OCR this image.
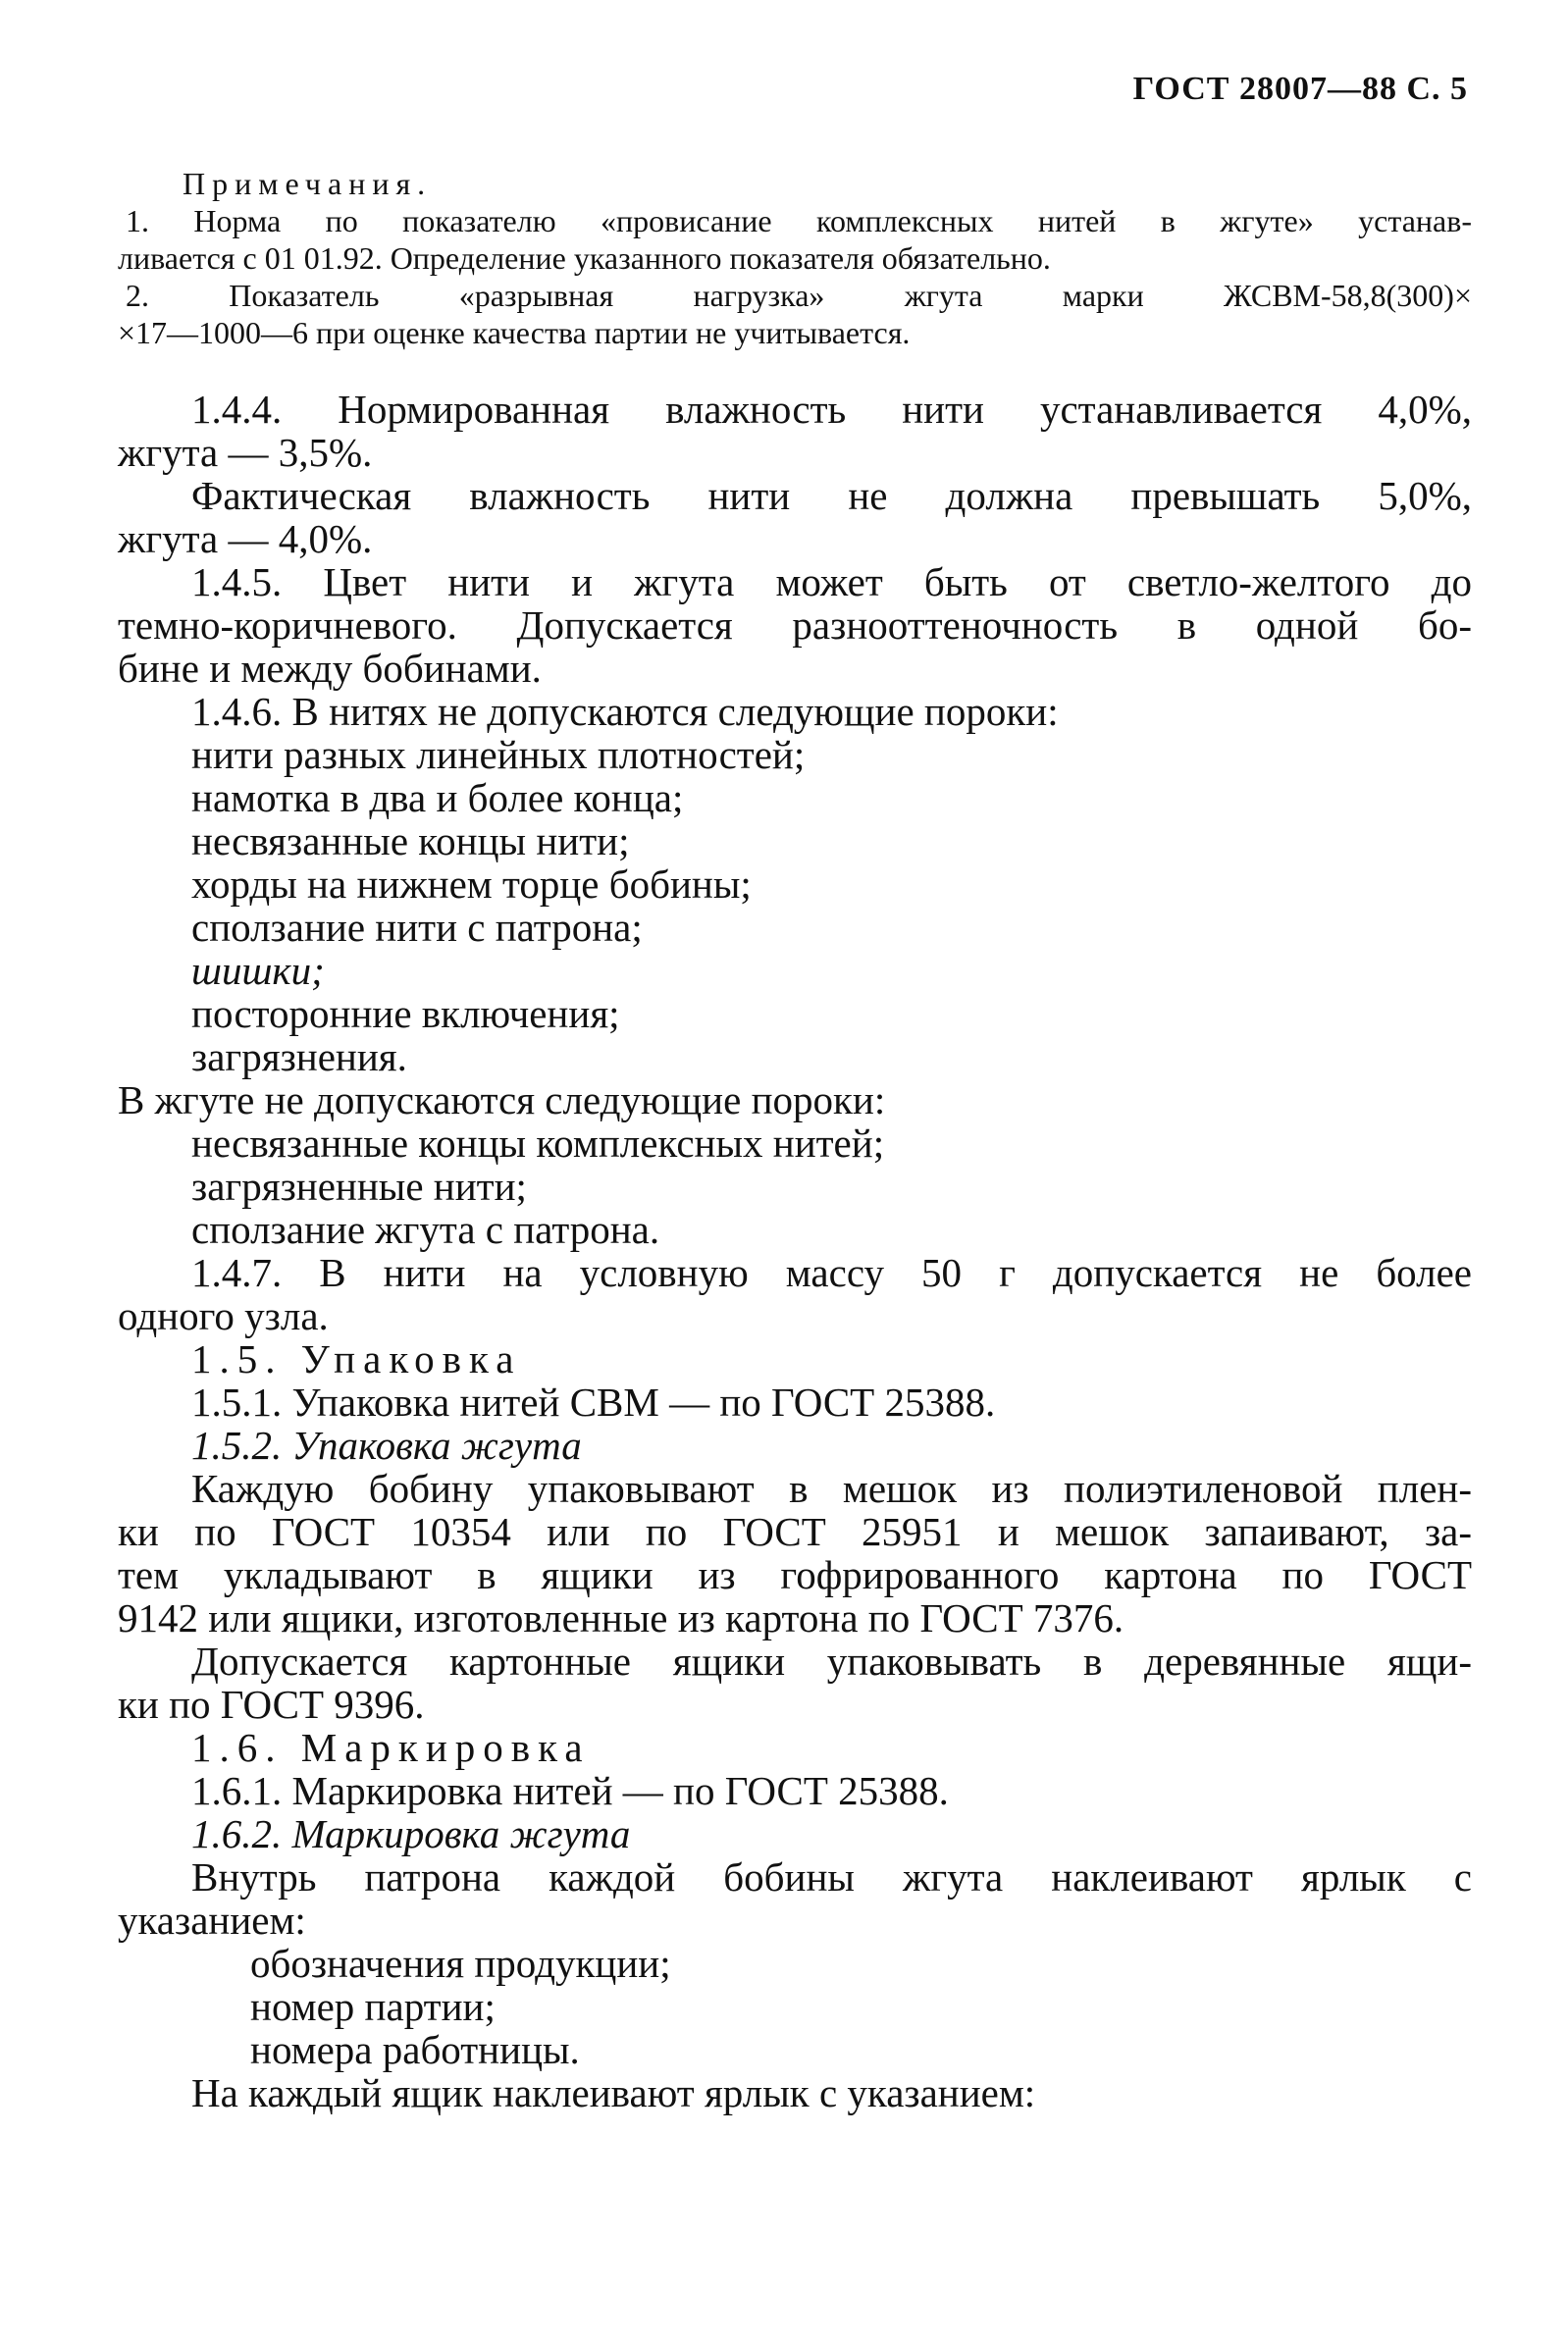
ГОСТ 28007—88 С. 5
Примечания.
1. Норма по показателю «провисание комплексных нитей в жгуте» устанав-
ливается с 01 01.92. Определение указанного показателя обязательно.
2. Показатель «разрывная нагрузка» жгута марки ЖСВМ-58,8(300)×
×17—1000—6 при оценке качества партии не учитывается.
1.4.4. Нормированная влажность нити устанавливается 4,0%,
жгута — 3,5%.
Фактическая влажность нити не должна превышать 5,0%,
жгута — 4,0%.
1.4.5. Цвет нити и жгута может быть от светло-желтого до
темно-коричневого. Допускается разнооттеночность в одной бо-
бине и между бобинами.
1.4.6. В нитях не допускаются следующие пороки:
нити разных линейных плотностей;
намотка в два и более конца;
несвязанные концы нити;
хорды на нижнем торце бобины;
сползание нити с патрона;
шишки;
посторонние включения;
загрязнения.
В жгуте не допускаются следующие пороки:
несвязанные концы комплексных нитей;
загрязненные нити;
сползание жгута с патрона.
1.4.7. В нити на условную массу 50 г допускается не более
одного узла.
1.5. Упаковка
1.5.1. Упаковка нитей СВМ — по ГОСТ 25388.
1.5.2. Упаковка жгута
Каждую бобину упаковывают в мешок из полиэтиленовой плен-
ки по ГОСТ 10354 или по ГОСТ 25951 и мешок запаивают, за-
тем укладывают в ящики из гофрированного картона по ГОСТ
9142 или ящики, изготовленные из картона по ГОСТ 7376.
Допускается картонные ящики упаковывать в деревянные ящи-
ки по ГОСТ 9396.
1.6. Маркировка
1.6.1. Маркировка нитей — по ГОСТ 25388.
1.6.2. Маркировка жгута
Внутрь патрона каждой бобины жгута наклеивают ярлык с
указанием:
обозначения продукции;
номер партии;
номера работницы.
На каждый ящик наклеивают ярлык с указанием:
